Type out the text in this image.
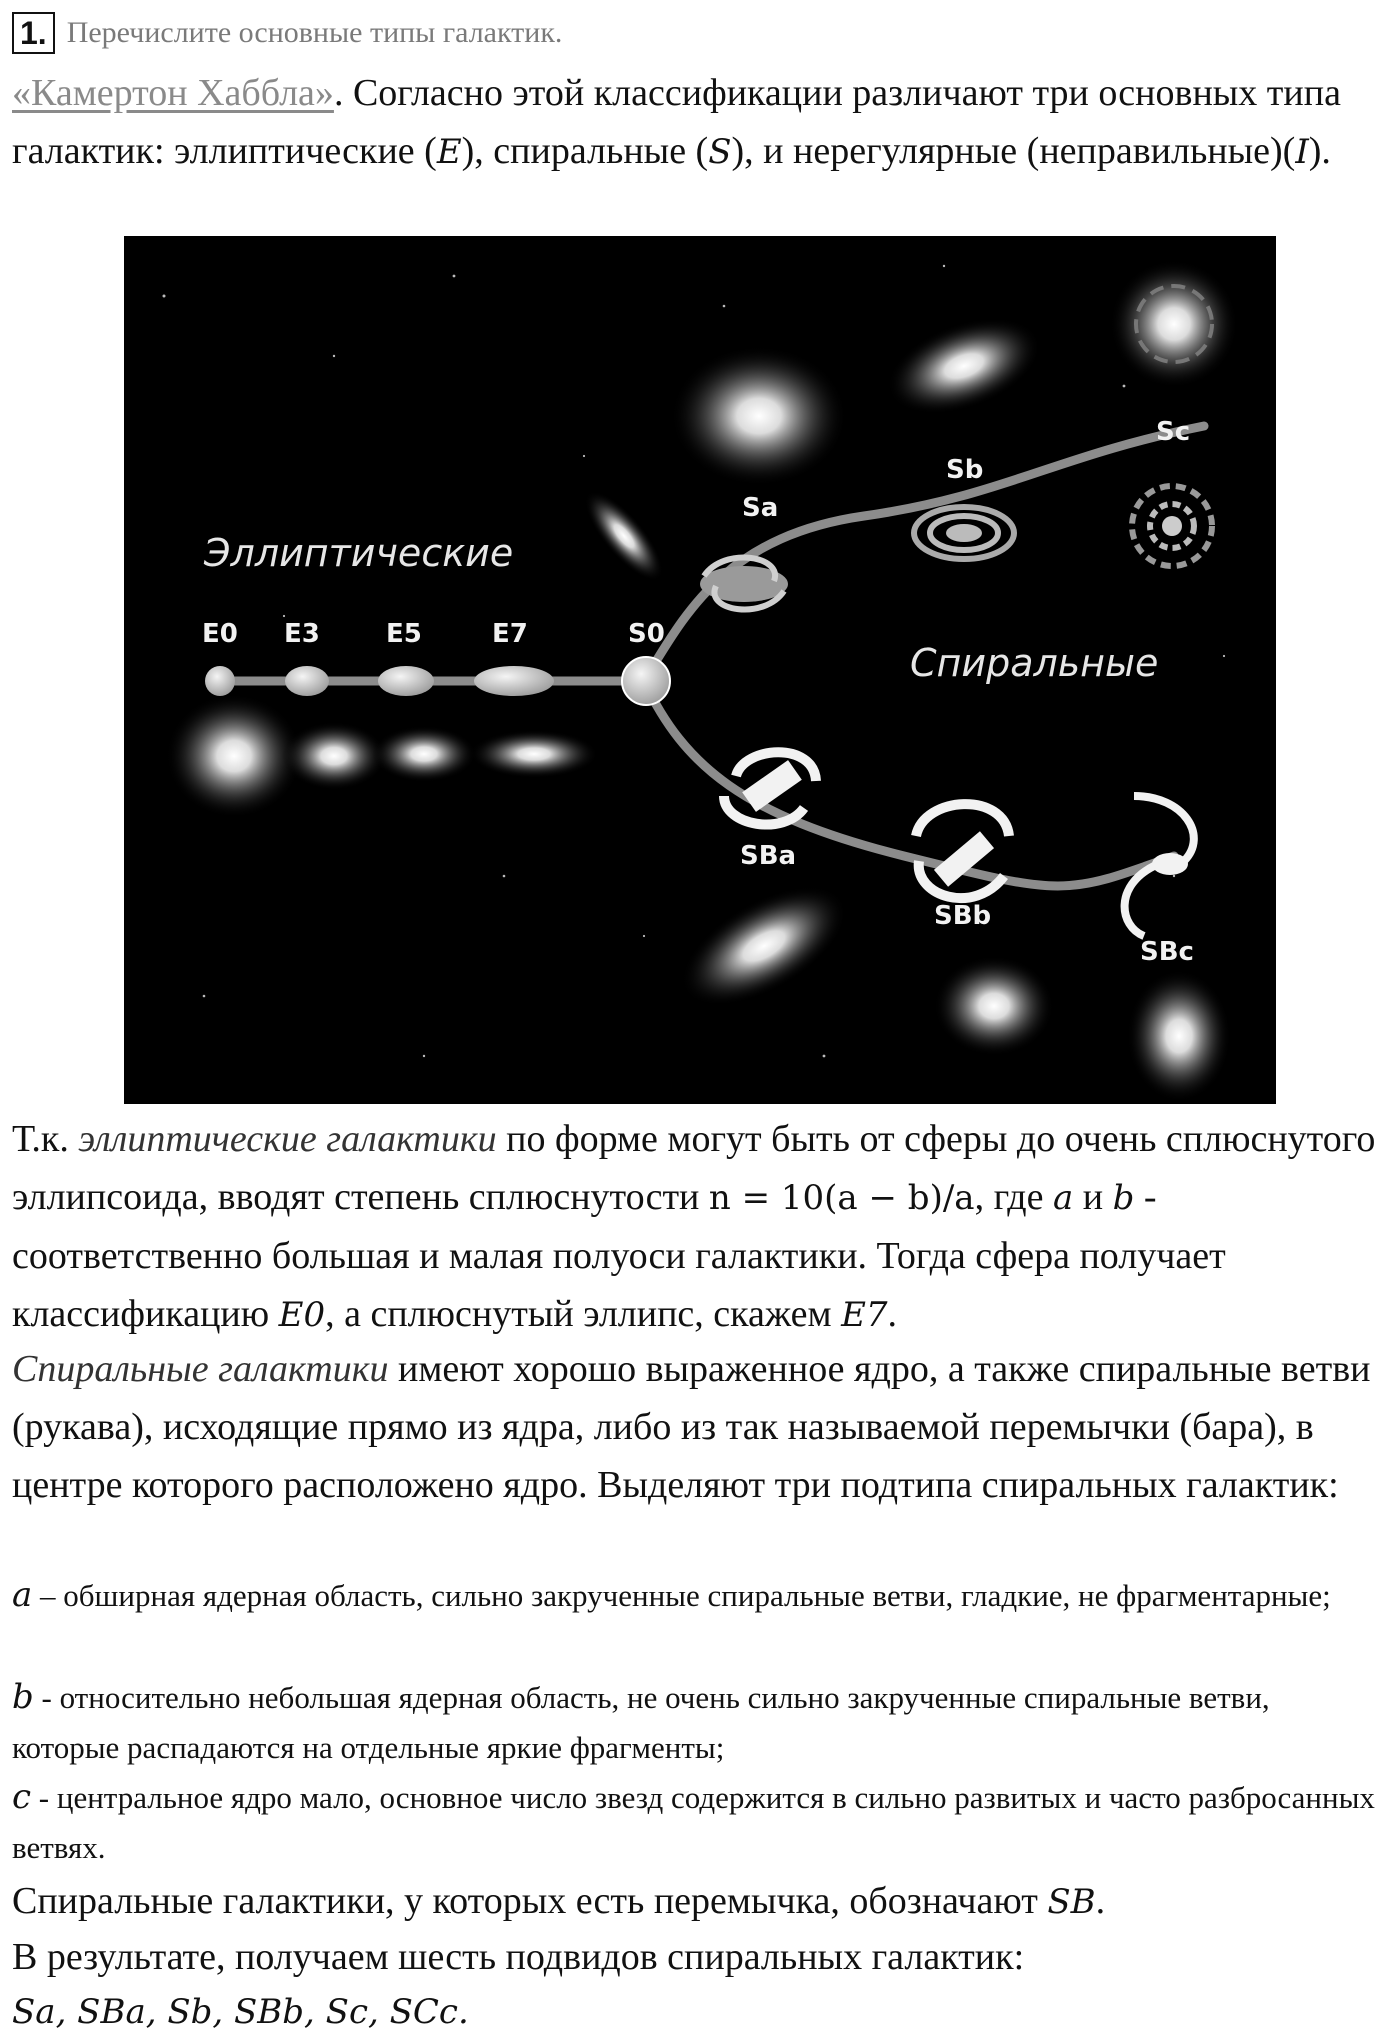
1. Перечислите основные типы галактик.
«Камертон Хаббла». Согласно этой классификации различают три основных типа галактик: эллиптические (E), спиральные (S), и нерегулярные (неправильные)(I).
Эллиптические
Спиральные
E0 E3	E5	E7	S0
Sa
Sb
Sc
SBa
SBb
SBc
Т.к. эллиптические галактики по форме могут быть от сферы до очень сплюснутого эллипсоида, вводят степень сплюснутости n = 10(a − b)/a, где a и b - соответственно большая и малая полуоси галактики. Тогда сфера получает классификацию E0, а сплюснутый эллипс, скажем E7.
Спиральные галактики имеют хорошо выраженное ядро, а также спиральные ветви (рукава), исходящие прямо из ядра, либо из так называемой перемычки (бара), в центре которого расположено ядро. Выделяют три подтипа спиральных галактик:
a – обширная ядерная область, сильно закрученные спиральные ветви, гладкие, не фрагментарные;
b - относительно небольшая ядерная область, не очень сильно закрученные спиральные ветви, которые распадаются на отдельные яркие фрагменты;
c - центральное ядро мало, основное число звезд содержится в сильно развитых и часто разбросанных ветвях.
Спиральные галактики, у которых есть перемычка, обозначают SB.
В результате, получаем шесть подвидов спиральных галактик:
Sa, SBa, Sb, SBb, Sc, SCc.
